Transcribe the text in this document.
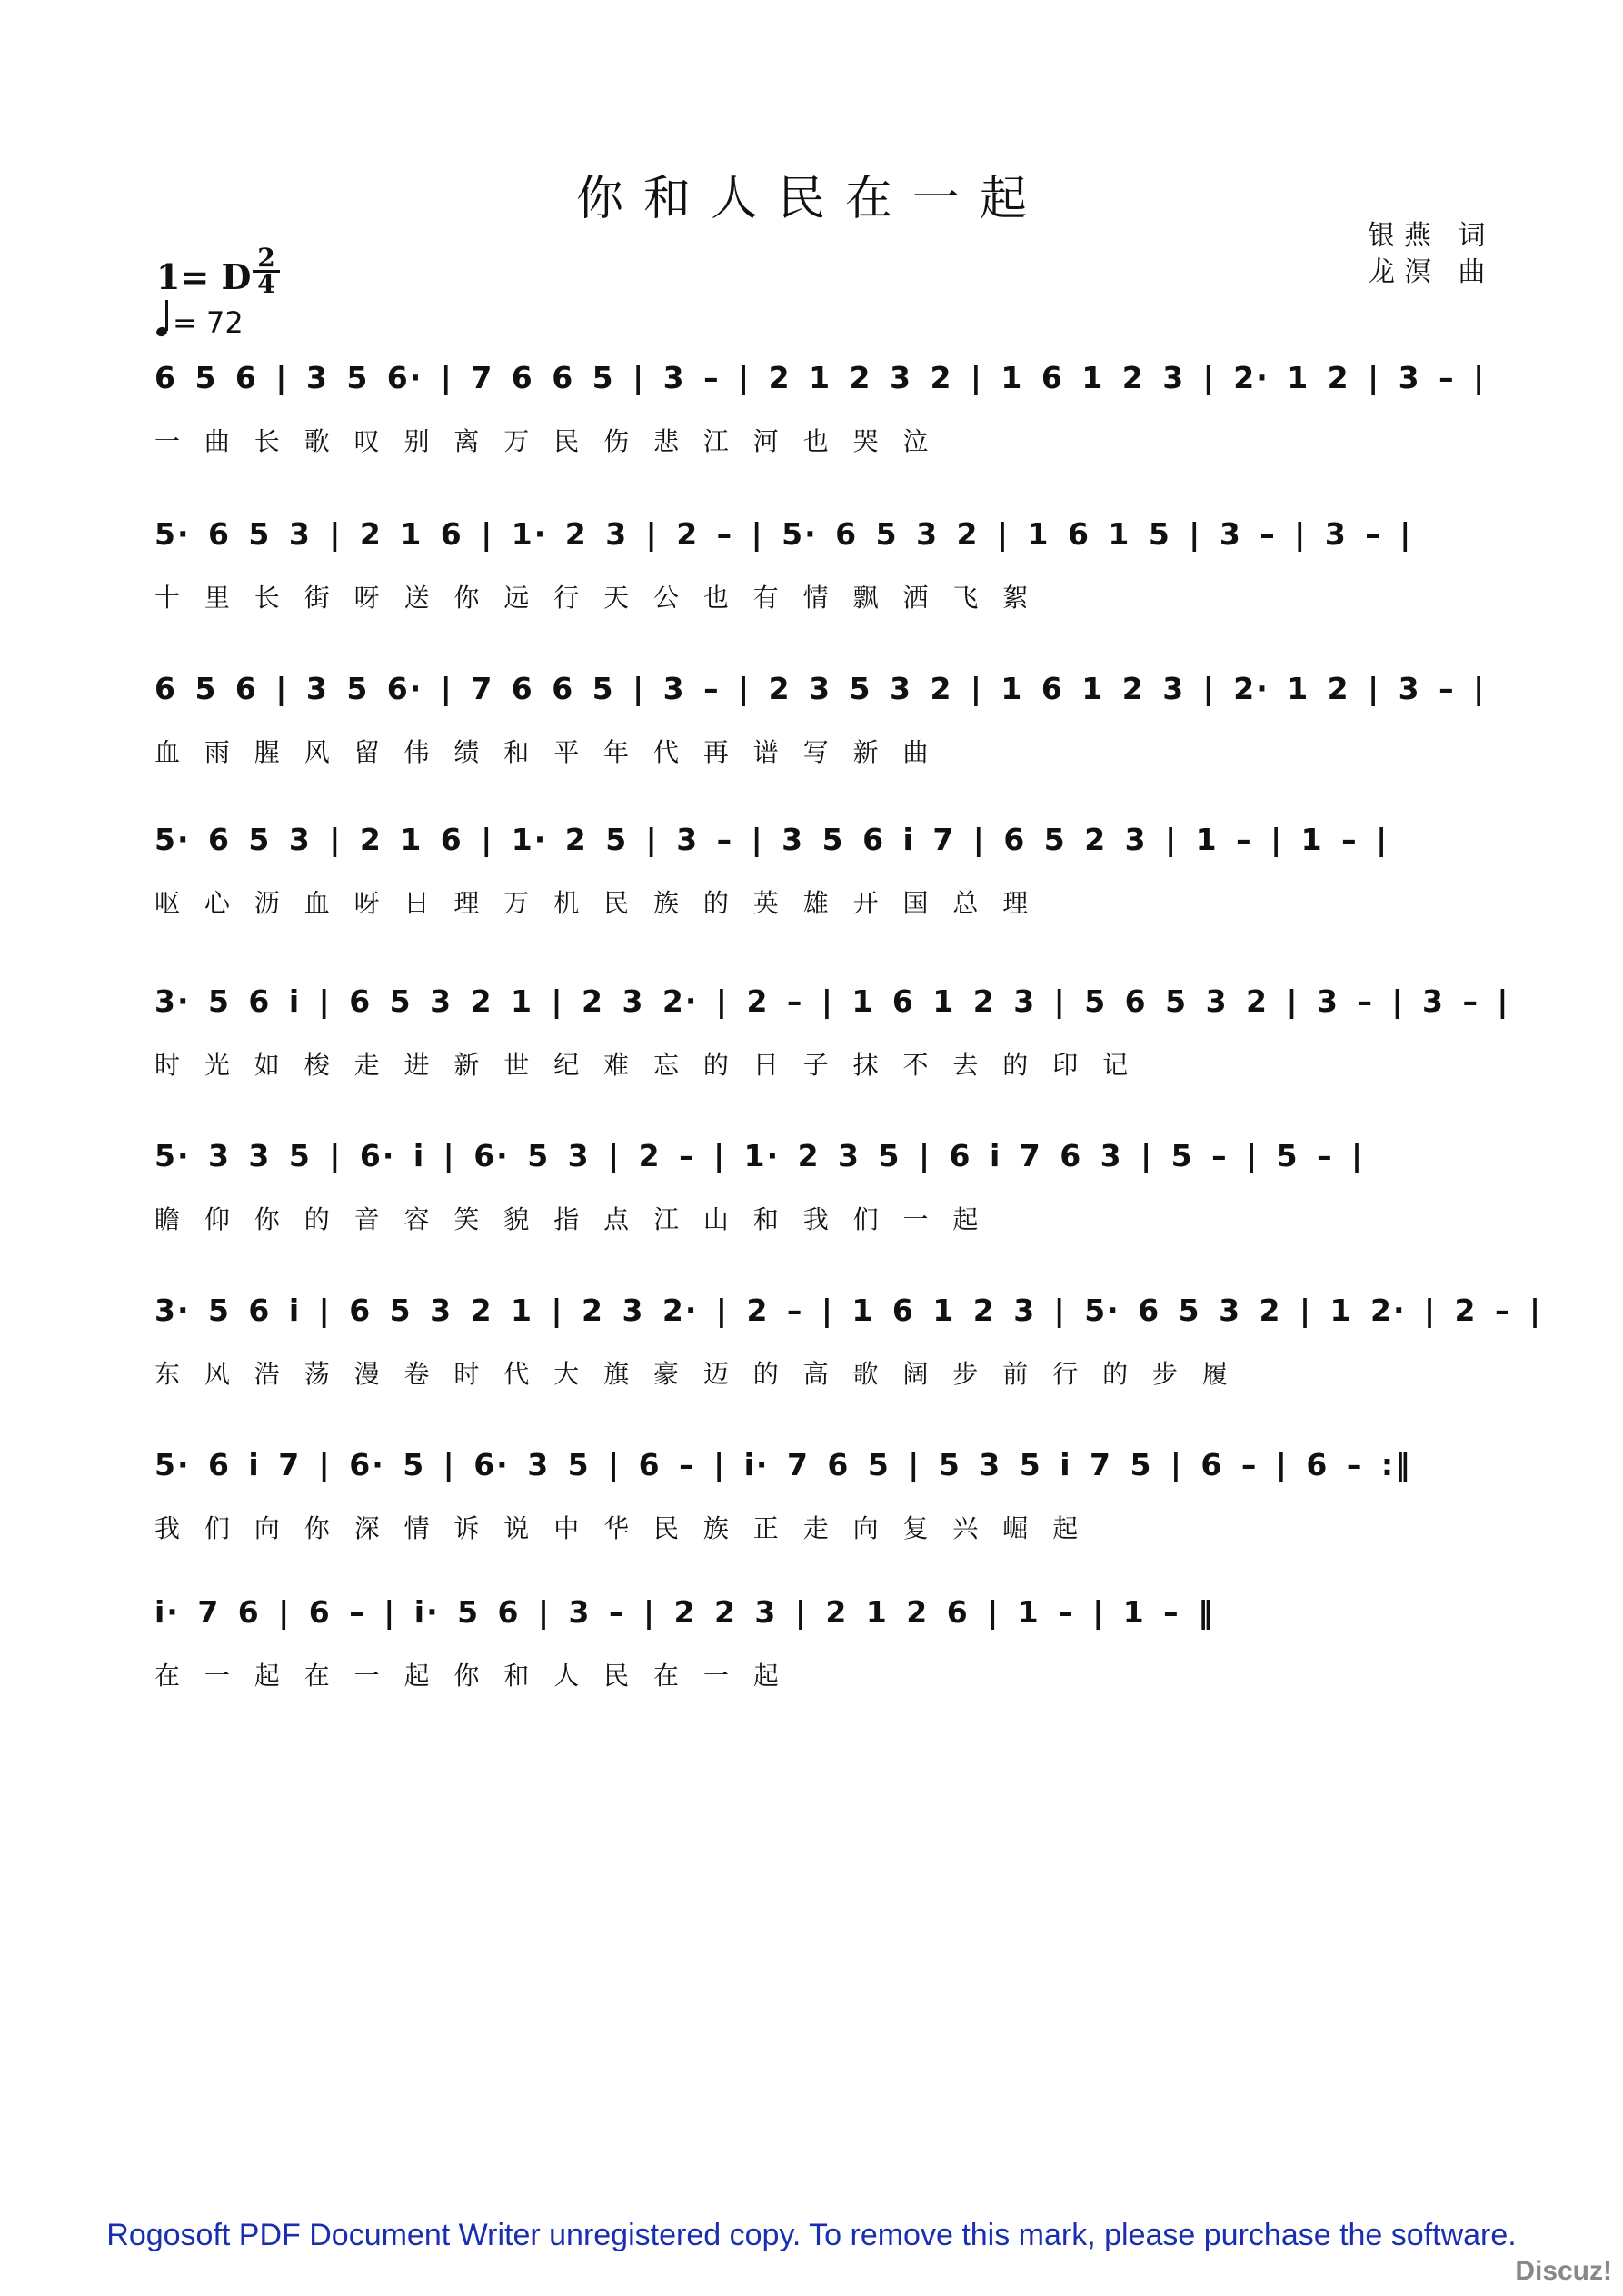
你和人民在一起
银燕 词
龙溟 曲
1= D 2
4
= 72
6 5 6 | 3 5 6· | 7 6 6 5 | 3 – | 2 1 2 3 2 | 1 6 1 2 3 | 2· 1 2 | 3 – |
一 曲 长 歌 叹 别 离 万 民 伤 悲 江 河 也 哭 泣
5· 6 5 3 | 2 1 6 | 1· 2 3 | 2 – | 5· 6 5 3 2 | 1 6 1 5 | 3 – | 3 – |
十 里 长 街 呀 送 你 远 行 天 公 也 有 情 飘 洒 飞 絮
6 5 6 | 3 5 6· | 7 6 6 5 | 3 – | 2 3 5 3 2 | 1 6 1 2 3 | 2· 1 2 | 3 – |
血 雨 腥 风 留 伟 绩 和 平 年 代 再 谱 写 新 曲
5· 6 5 3 | 2 1 6 | 1· 2 5 | 3 – | 3 5 6 i 7 | 6 5 2 3 | 1 – | 1 – |
呕 心 沥 血 呀 日 理 万 机 民 族 的 英 雄 开 国 总 理
3· 5 6 i | 6 5 3 2 1 | 2 3 2· | 2 – | 1 6 1 2 3 | 5 6 5 3 2 | 3 – | 3 – |
时 光 如 梭 走 进 新 世 纪 难 忘 的 日 子 抹 不 去 的 印 记
5· 3 3 5 | 6· i | 6· 5 3 | 2 – | 1· 2 3 5 | 6 i 7 6 3 | 5 – | 5 – |
瞻 仰 你 的 音 容 笑 貌 指 点 江 山 和 我 们 一 起
3· 5 6 i | 6 5 3 2 1 | 2 3 2· | 2 – | 1 6 1 2 3 | 5· 6 5 3 2 | 1 2· | 2 – |
东 风 浩 荡 漫 卷 时 代 大 旗 豪 迈 的 高 歌 阔 步 前 行 的 步 履
5· 6 i 7 | 6· 5 | 6· 3 5 | 6 – | i· 7 6 5 | 5 3 5 i 7 5 | 6 – | 6 – :‖
我 们 向 你 深 情 诉 说 中 华 民 族 正 走 向 复 兴 崛 起
i· 7 6 | 6 – | i· 5 6 | 3 – | 2 2 3 | 2 1 2 6 | 1 – | 1 – ‖
在 一 起 在 一 起 你 和 人 民 在 一 起
Rogosoft PDF Document Writer unregistered copy. To remove this mark, please purchase the software.
Discuz!
